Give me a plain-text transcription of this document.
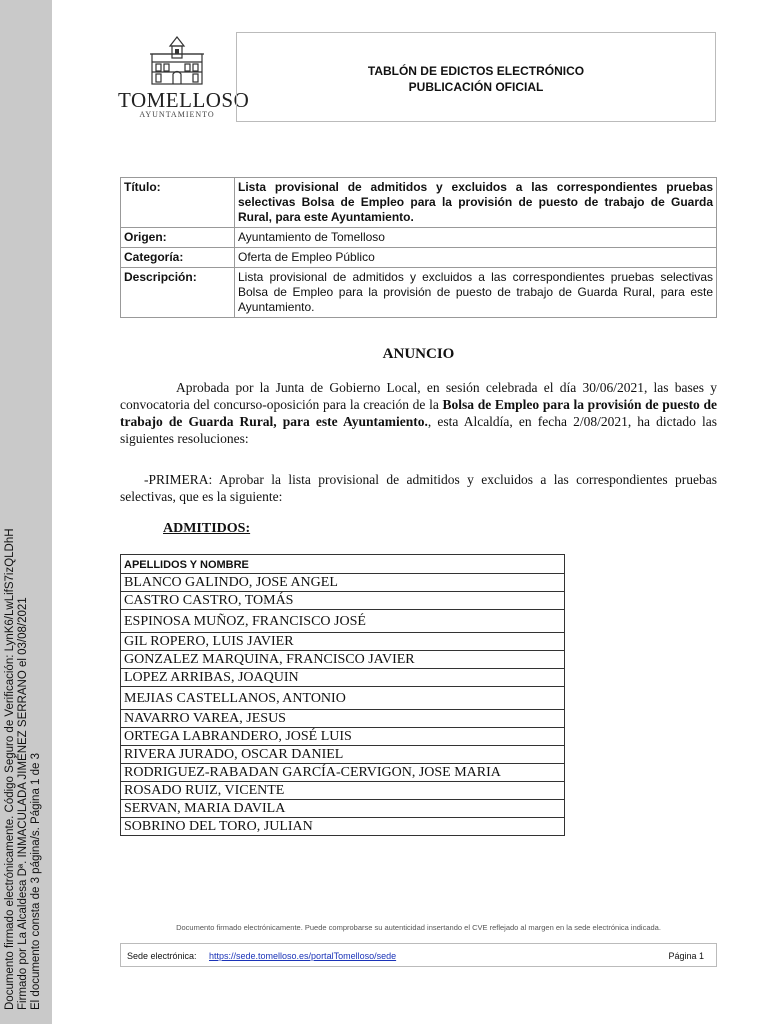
Documento firmado electrónicamente. Código Seguro de Verificación: LynK6/LwLifS7izQLDhH Firmado por La Alcaldesa Dª. INMACULADA JIMÉNEZ SERRANO el 03/08/2021 El documento consta de 3 página/s. Página 1 de 3
TOMELLOSO
AYUNTAMIENTO
TABLÓN DE EDICTOS ELECTRÓNICO
PUBLICACIÓN OFICIAL
Título:	Lista provisional de admitidos y excluidos a las correspondientes pruebas selectivas Bolsa de Empleo para la provisión de puesto de trabajo de Guarda Rural, para este Ayuntamiento.
Origen:	Ayuntamiento de Tomelloso
Categoría:	Oferta de Empleo Público
Descripción:	Lista provisional de admitidos y excluidos a las correspondientes pruebas selectivas Bolsa de Empleo para la provisión de puesto de trabajo de Guarda Rural, para este Ayuntamiento.
ANUNCIO
Aprobada por la Junta de Gobierno Local, en sesión celebrada el día 30/06/2021, las bases y convocatoria del concurso-oposición para la creación de la Bolsa de Empleo para la provisión de puesto de trabajo de Guarda Rural, para este Ayuntamiento., esta Alcaldía, en fecha 2/08/2021, ha dictado las siguientes resoluciones:
-PRIMERA: Aprobar la lista provisional de admitidos y excluidos a las correspondientes pruebas selectivas, que es la siguiente:
ADMITIDOS:
APELLIDOS Y NOMBRE
BLANCO GALINDO, JOSE ANGEL
CASTRO CASTRO, TOMÁS
ESPINOSA MUÑOZ, FRANCISCO JOSÉ
GIL ROPERO, LUIS JAVIER
GONZALEZ MARQUINA, FRANCISCO JAVIER
LOPEZ ARRIBAS, JOAQUIN
MEJIAS CASTELLANOS, ANTONIO
NAVARRO VAREA, JESUS
ORTEGA LABRANDERO, JOSÉ LUIS
RIVERA JURADO, OSCAR DANIEL
RODRIGUEZ-RABADAN GARCÍA-CERVIGON, JOSE MARIA
ROSADO RUIZ, VICENTE
SERVAN, MARIA DAVILA
SOBRINO DEL TORO, JULIAN
Documento firmado electrónicamente. Puede comprobarse su autenticidad insertando el CVE reflejado al margen en la sede electrónica indicada.
Sede electrónica: https://sede.tomelloso.es/portalTomelloso/sede	Página 1
